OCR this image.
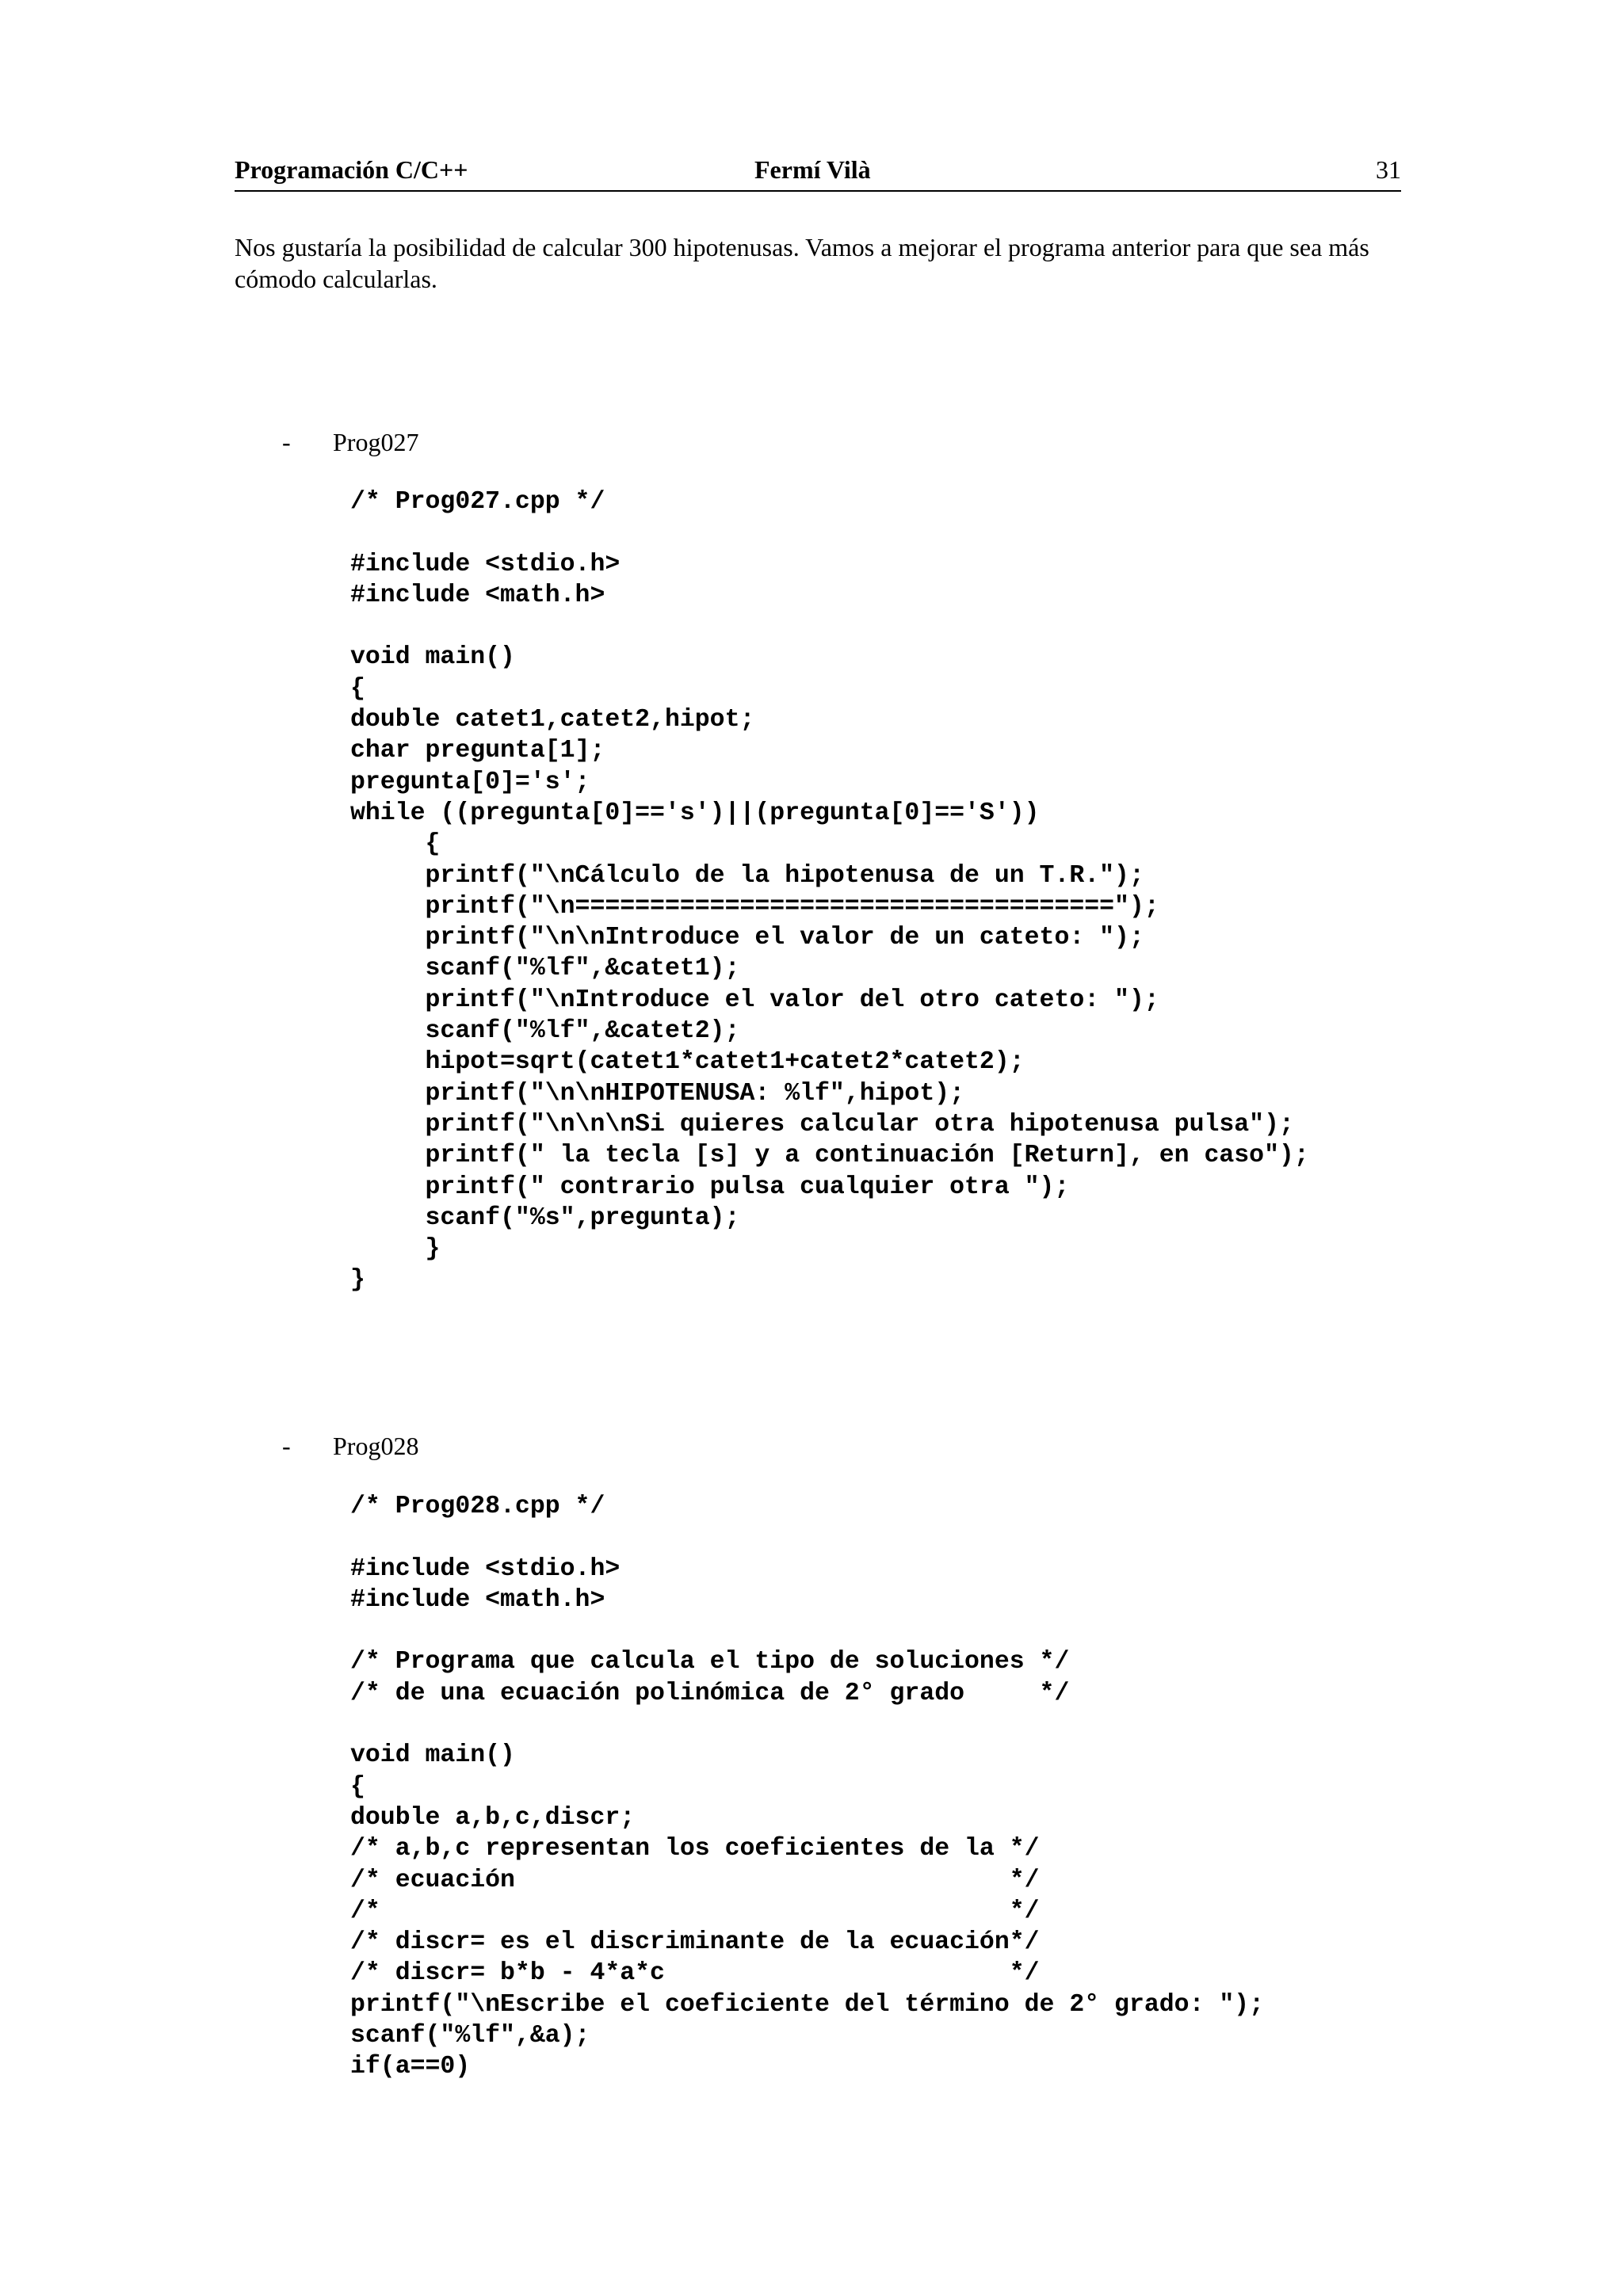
Programación C/C++	Fermí Vilà	31

Nos gustaría la posibilidad de calcular 300 hipotenusas. Vamos a mejorar el programa anterior para que sea más cómodo calcularlas.

- Prog027
/* Prog027.cpp */
#include <stdio.h>
#include <math.h>
void main()
{
double catet1,catet2,hipot;
char pregunta[1];
pregunta[0]='s';
while ((pregunta[0]=='s')||(pregunta[0]=='S'))
{
printf("\nCálculo de la hipotenusa de un T.R.");
printf("\n====================================");
printf("\n\nIntroduce el valor de un cateto: ");
scanf("%lf",&catet1);
printf("\nIntroduce el valor del otro cateto: ");
scanf("%lf",&catet2);
hipot=sqrt(catet1*catet1+catet2*catet2);
printf("\n\nHIPOTENUSA: %lf",hipot);
printf("\n\n\nSi quieres calcular otra hipotenusa pulsa");
printf(" la tecla [s] y a continuación [Return], en caso");
printf(" contrario pulsa cualquier otra ");
scanf("%s",pregunta);
}
}
- Prog028
/* Prog028.cpp */
#include <stdio.h>
#include <math.h>
/* Programa que calcula el tipo de soluciones */
/* de una ecuación polinómica de 2° grado     */
void main()
{
double a,b,c,discr;
/* a,b,c representan los coeficientes de la */
/* ecuación                                 */
/*                                          */
/* discr= es el discriminante de la ecuación*/
/* discr= b*b - 4*a*c                       */
printf("\nEscribe el coeficiente del término de 2° grado: ");
scanf("%lf",&a);
if(a==0)
